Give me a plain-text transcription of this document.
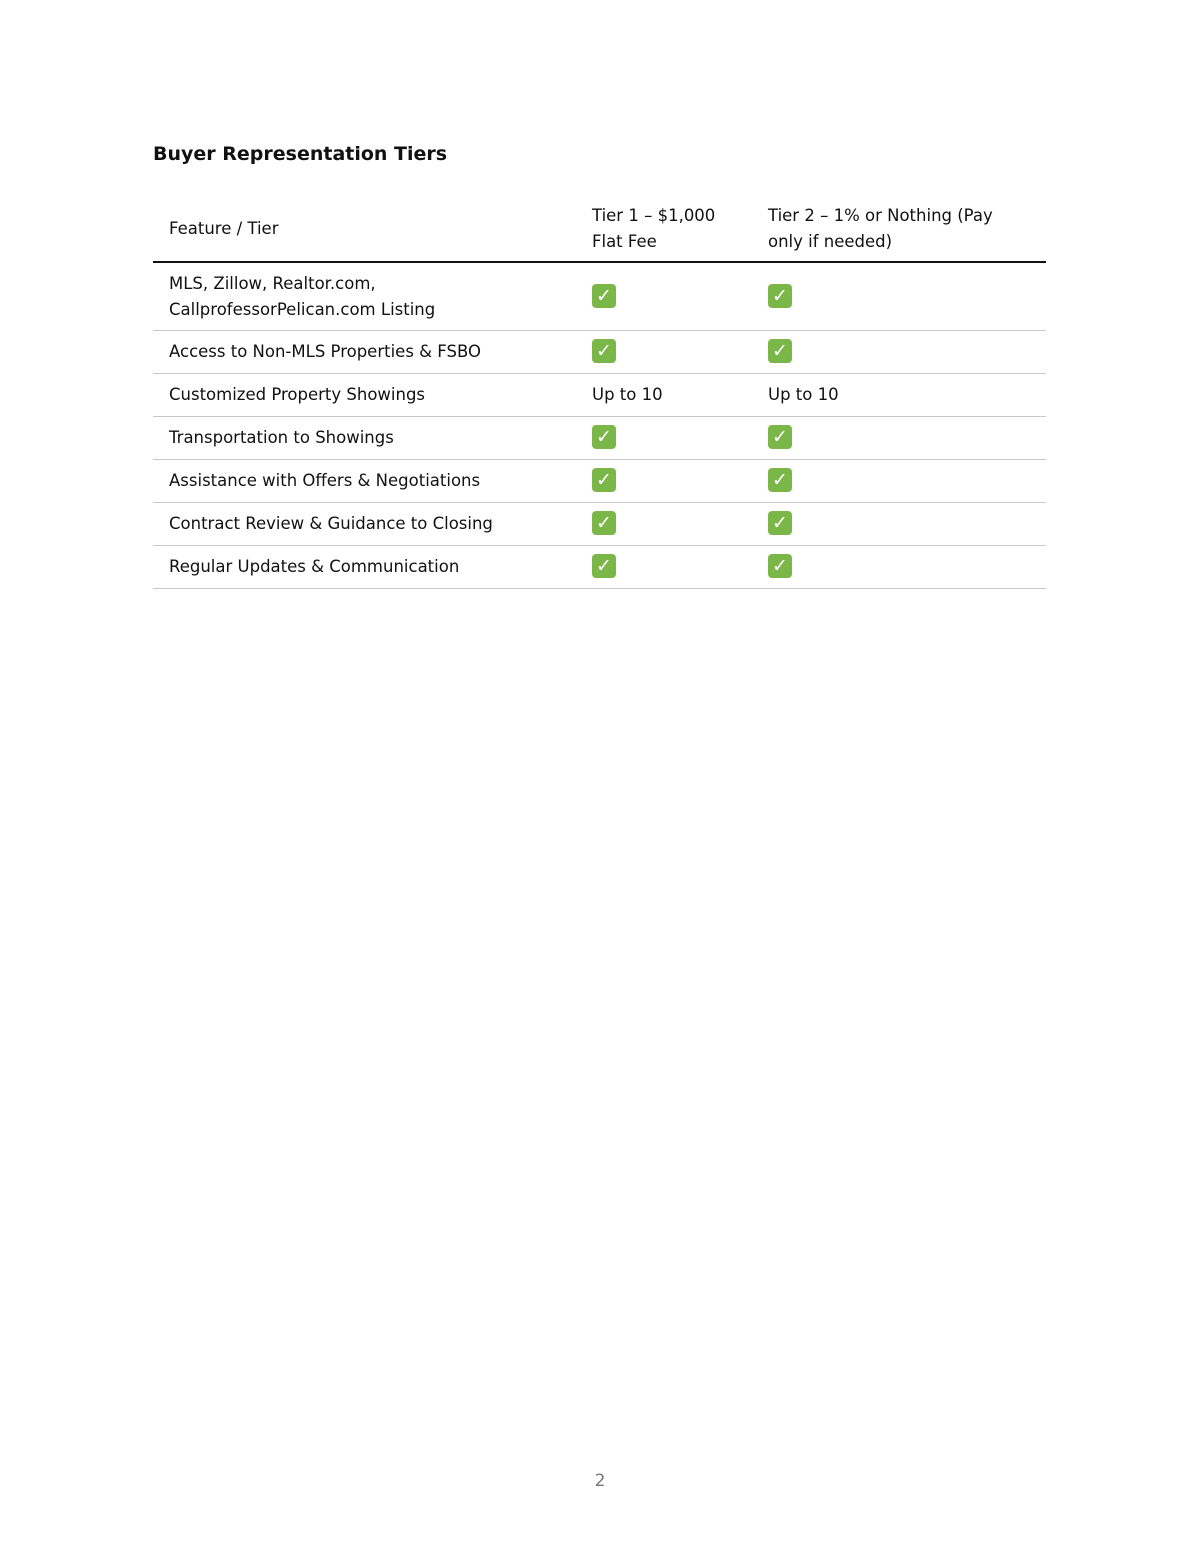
Buyer Representation Tiers
Feature / Tier	Tier 1 – $1,000 Flat Fee	Tier 2 – 1% or Nothing (Pay only if needed)
MLS, Zillow, Realtor.com, CallprofessorPelican.com Listing	✓	✓
Access to Non-MLS Properties & FSBO	✓	✓
Customized Property Showings	Up to 10	Up to 10
Transportation to Showings	✓	✓
Assistance with Offers & Negotiations	✓	✓
Contract Review & Guidance to Closing	✓	✓
Regular Updates & Communication	✓	✓
2
